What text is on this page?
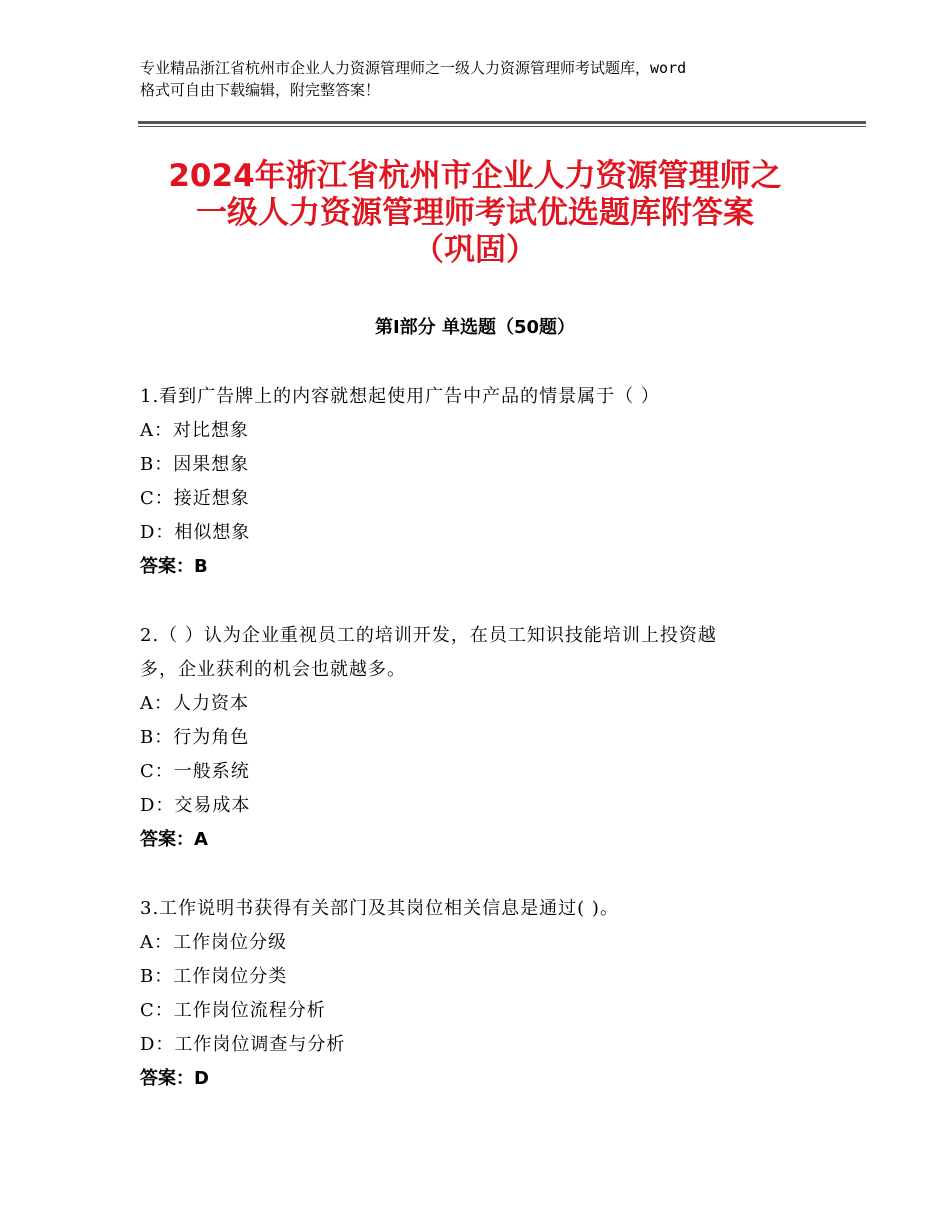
专业精品浙江省杭州市企业人力资源管理师之一级人力资源管理师考试题库，word
格式可自由下载编辑，附完整答案！
2024年浙江省杭州市企业人力资源管理师之
一级人力资源管理师考试优选题库附答案
（巩固）
第Ⅰ部分 单选题（50题）
1.看到广告牌上的内容就想起使用广告中产品的情景属于（ ）
A：对比想象
B：因果想象
C：接近想象
D：相似想象
答案：B
2.（ ）认为企业重视员工的培训开发，在员工知识技能培训上投资越
多，企业获利的机会也就越多。
A：人力资本
B：行为角色
C：一般系统
D：交易成本
答案：A
3.工作说明书获得有关部门及其岗位相关信息是通过( )。
A：工作岗位分级
B：工作岗位分类
C：工作岗位流程分析
D：工作岗位调查与分析
答案：D
